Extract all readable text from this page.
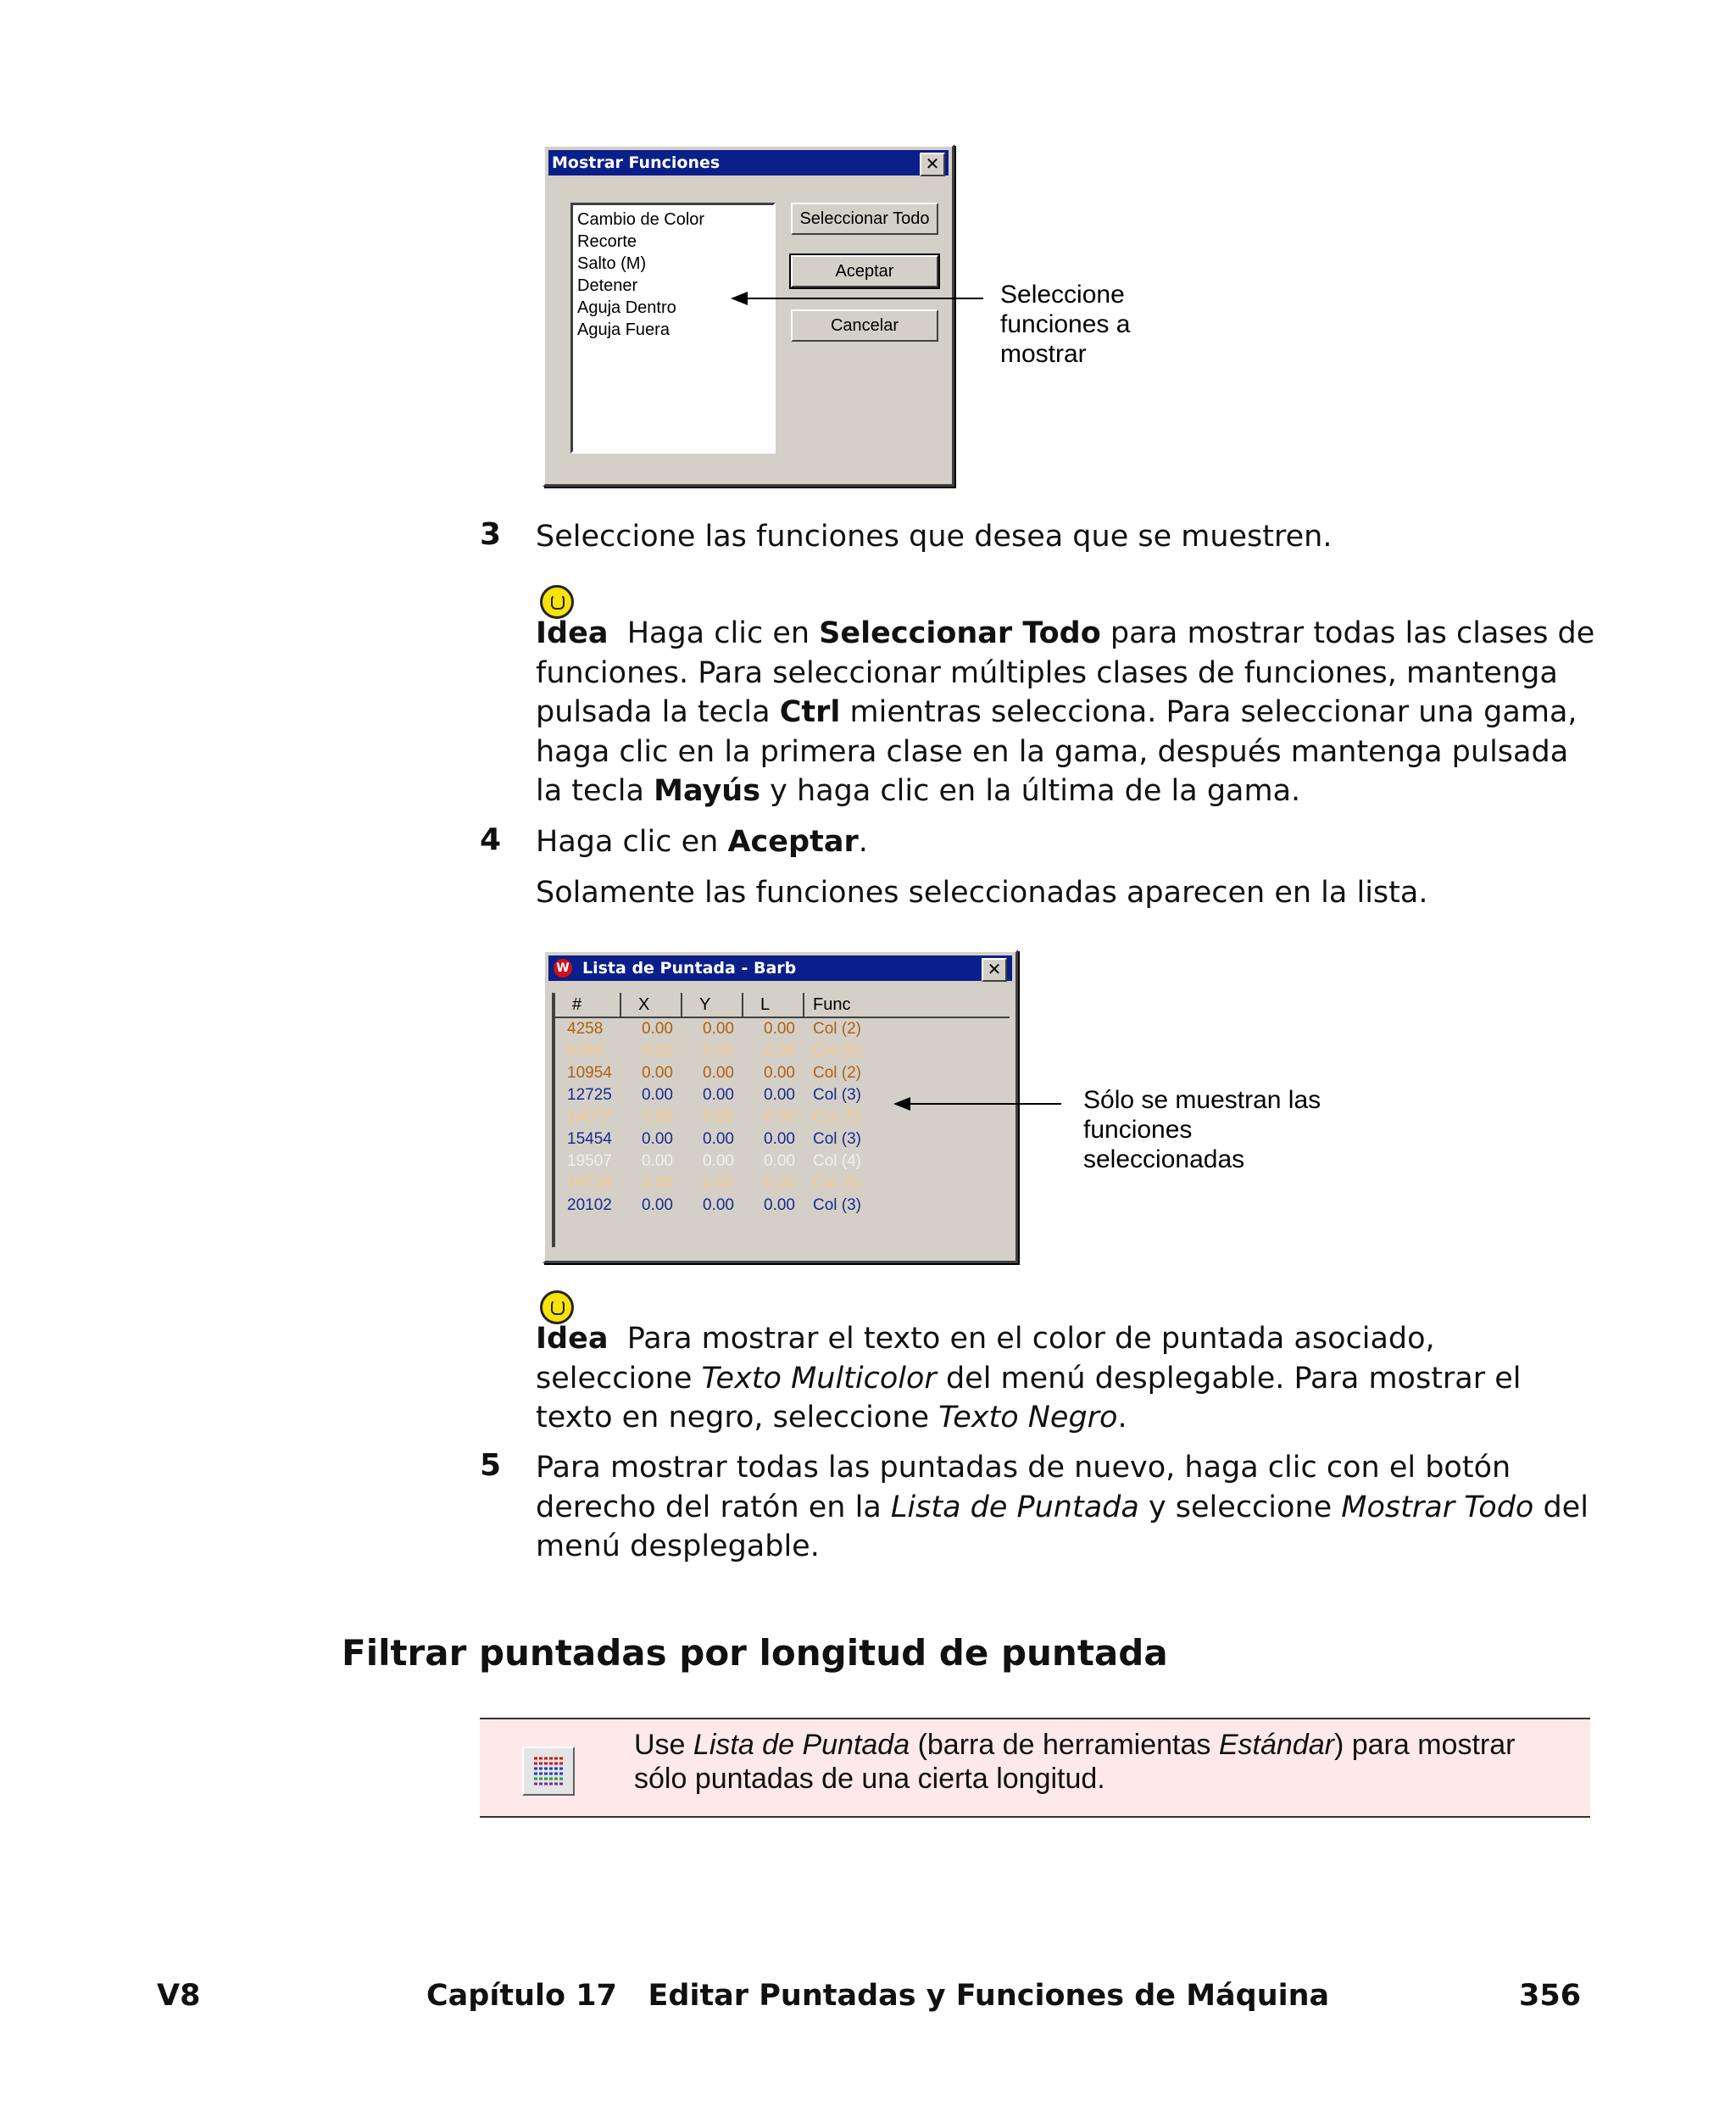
Mostrar Funciones	✕
Cambio de Color
Recorte
Salto (M)
Detener
Aguja Dentro
Aguja Fuera
Seleccionar Todo
Aceptar
Cancelar
Seleccione
funciones a
mostrar
3 Seleccione las funciones que desea que se muestren.
Idea Haga clic en Seleccionar Todo para mostrar todas las clases de funciones. Para seleccionar múltiples clases de funciones, mantenga pulsada la tecla Ctrl mientras selecciona. Para seleccionar una gama, haga clic en la primera clase en la gama, después mantenga pulsada la tecla Mayús y haga clic en la última de la gama.
4 Haga clic en Aceptar.
Solamente las funciones seleccionadas aparecen en la lista.
W Lista de Puntada - Barb	✕
#	X	Y	L	Func
4258 0.00 0.00 0.00 Col (2)
6386 0.00 0.00 0.00 Col (5)
10954 0.00 0.00 0.00 Col (2)
12725 0.00 0.00 0.00 Col (3)
14077 0.00 0.00 0.00 Col (5)
15454 0.00 0.00 0.00 Col (3)
19507 0.00 0.00 0.00 Col (4)
19738 0.00 0.00 0.00 Col (5)
20102 0.00 0.00 0.00 Col (3)
Sólo se muestran las
funciones
seleccionadas
Idea Para mostrar el texto en el color de puntada asociado, seleccione Texto Multicolor del menú desplegable. Para mostrar el texto en negro, seleccione Texto Negro.
5 Para mostrar todas las puntadas de nuevo, haga clic con el botón derecho del ratón en la Lista de Puntada y seleccione Mostrar Todo del menú desplegable.
Filtrar puntadas por longitud de puntada
Use Lista de Puntada (barra de herramientas Estándar) para mostrar sólo puntadas de una cierta longitud.
V8	Capítulo 17   Editar Puntadas y Funciones de Máquina	356
